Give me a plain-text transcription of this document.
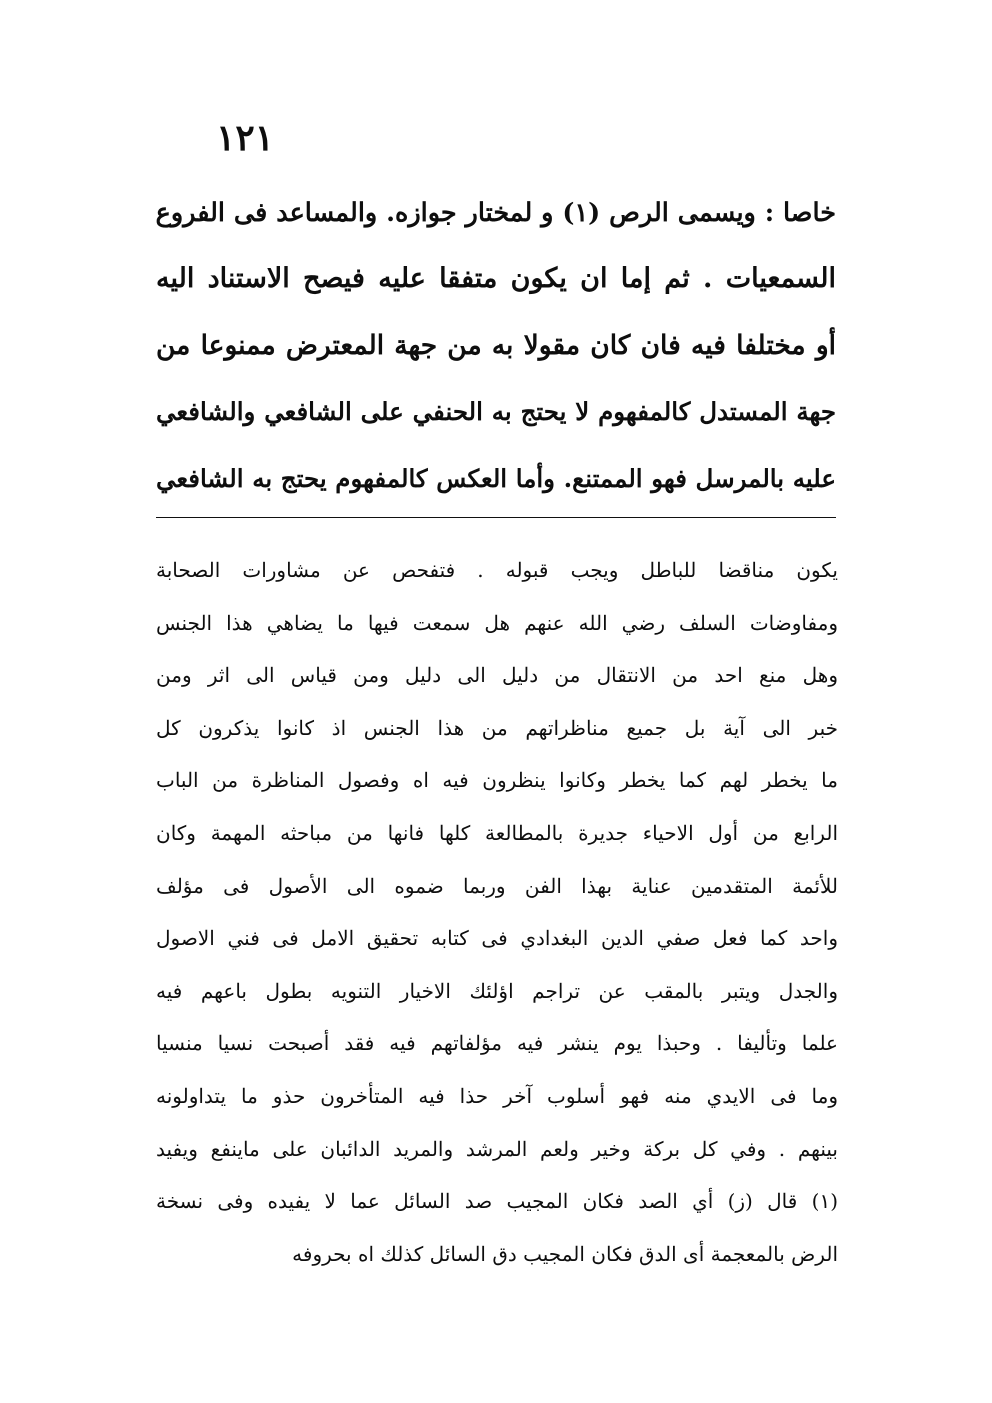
١٢١
خاصا : ويسمى الرص (١) و لمختار جوازه. والمساعد فى الفروع
السمعيات . ثم إما ان يكون متفقا عليه فيصح الاستناد اليه
أو مختلفا فيه فان كان مقولا به من جهة المعترض ممنوعا من
جهة المستدل كالمفهوم لا يحتج به الحنفي على الشافعي والشافعي
عليه بالمرسل فهو الممتنع. وأما العكس كالمفهوم يحتج به الشافعي
يكون مناقضا للباطل ويجب قبوله . فتفحص عن مشاورات الصحابة
ومفاوضات السلف رضي الله عنهم هل سمعت فيها ما يضاهي هذا الجنس
وهل منع احد من الانتقال من دليل الى دليل ومن قياس الى اثر ومن
خبر الى آية بل جميع مناظراتهم من هذا الجنس اذ كانوا يذكرون كل
ما يخطر لهم كما يخطر وكانوا ينظرون فيه اه وفصول المناظرة من الباب
الرابع من أول الاحياء جديرة بالمطالعة كلها فانها من مباحثه المهمة وكان
للأئمة المتقدمين عناية بهذا الفن وربما ضموه الى الأصول فى مؤلف
واحد كما فعل صفي الدين البغدادي فى كتابه تحقيق الامل فى فني الاصول
والجدل ويتبر بالمقب عن تراجم اؤلئك الاخيار التنويه بطول باعهم فيه
علما وتأليفا . وحبذا يوم ينشر فيه مؤلفاتهم فيه فقد أصبحت نسيا منسيا
وما فى الايدي منه فهو أسلوب آخر حذا فيه المتأخرون حذو ما يتداولونه
بينهم . وفي كل بركة وخير ولعم المرشد والمريد الدائبان على ماينفع ويفيد
(١) قال (ز) أي الصد فكان المجيب صد السائل عما لا يفيده وفى نسخة
الرض بالمعجمة أى الدق فكان المجيب دق السائل كذلك اه بحروفه
